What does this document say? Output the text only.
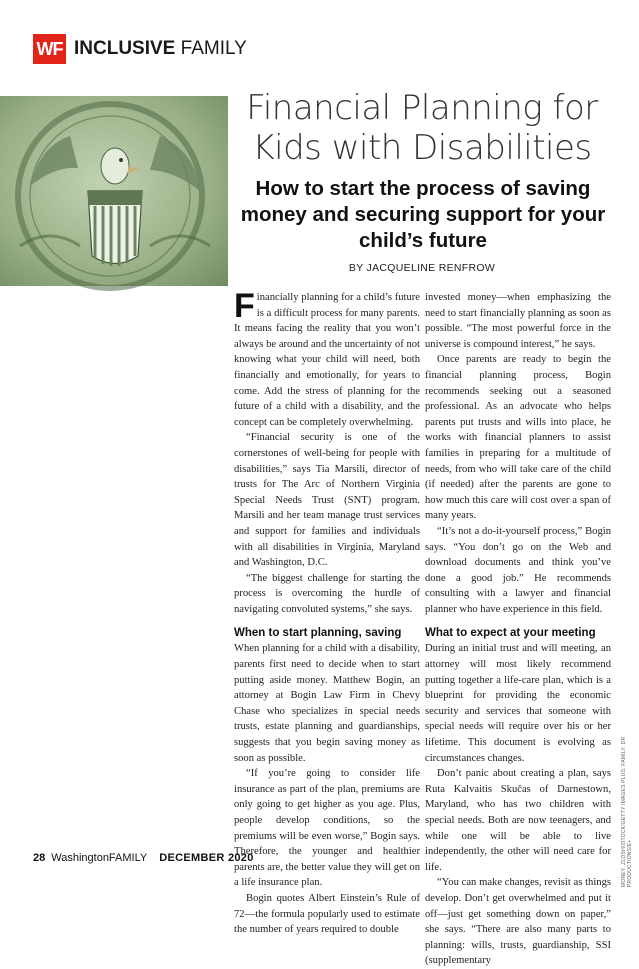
WF INCLUSIVE FAMILY
Financial Planning for Kids with Disabilities
How to start the process of saving money and securing support for your child’s future
BY JACQUELINE RENFROW

Financially planning for a child’s future is a difficult process for many parents. It means facing the reality that you won’t always be around and the uncertainty of not knowing what your child will need, both financially and emotionally, for years to come. Add the stress of planning for the future of a child with a disability, and the concept can be completely overwhelming.

“Financial security is one of the cornerstones of well-being for people with disabilities,” says Tia Marsili, director of trusts for The Arc of Northern Virginia Special Needs Trust (SNT) program. Marsili and her team manage trust services and support for families and individuals with all disabilities in Virginia, Maryland and Washington, D.C.

“The biggest challenge for starting the process is overcoming the hurdle of navigating convoluted systems,” she says.

When to start planning, saving

When planning for a child with a disability, parents first need to decide when to start putting aside money. Matthew Bogin, an attorney at Bogin Law Firm in Chevy Chase who specializes in special needs trusts, estate planning and guardianships, suggests that you begin saving money as soon as possible.

“If you’re going to consider life insurance as part of the plan, premiums are only going to get higher as you age. Plus, people develop conditions, so the premiums will be even worse,” Bogin says. Therefore, the younger and healthier parents are, the better value they will get on a life insurance plan.

Bogin quotes Albert Einstein’s Rule of 72—the formula popularly used to estimate the number of years required to double

invested money—when emphasizing the need to start financially planning as soon as possible. “The most powerful force in the universe is compound interest,” he says.

Once parents are ready to begin the financial planning process, Bogin recommends seeking out a seasoned professional. As an advocate who helps parents put trusts and wills into place, he works with financial planners to assist families in preparing for a multitude of needs, from who will take care of the child (if needed) after the parents are gone to how much this care will cost over a span of many years.

“It’s not a do-it-yourself process,” Bogin says. “You don’t go on the Web and download documents and think you’ve done a good job.” He recommends consulting with a lawyer and financial planner who have experience in this field.

What to expect at your meeting

During an initial trust and will meeting, an attorney will most likely recommend putting together a life-care plan, which is a blueprint for providing the economic security and services that someone with special needs will require over his or her lifetime. This document is evolving as circumstances changes.

Don’t panic about creating a plan, says Ruta Kalvaitis Skučas of Darnestown, Maryland, who has two children with special needs. Both are now teenagers, and while one will be able to live independently, the other will need care for life.

“You can make changes, revisit as things develop. Don’t get overwhelmed and put it off—just get something down on paper,” she says. “There are also many parts to planning: wills, trusts, guardianship, SSI (supplementary

MONEY: ZLOSH/ISTOCK/GETTY IMAGES PLUS; FAMILY: DR PRODUCTIONS/E+
28 WashingtonFAMILY DECEMBER 2020
